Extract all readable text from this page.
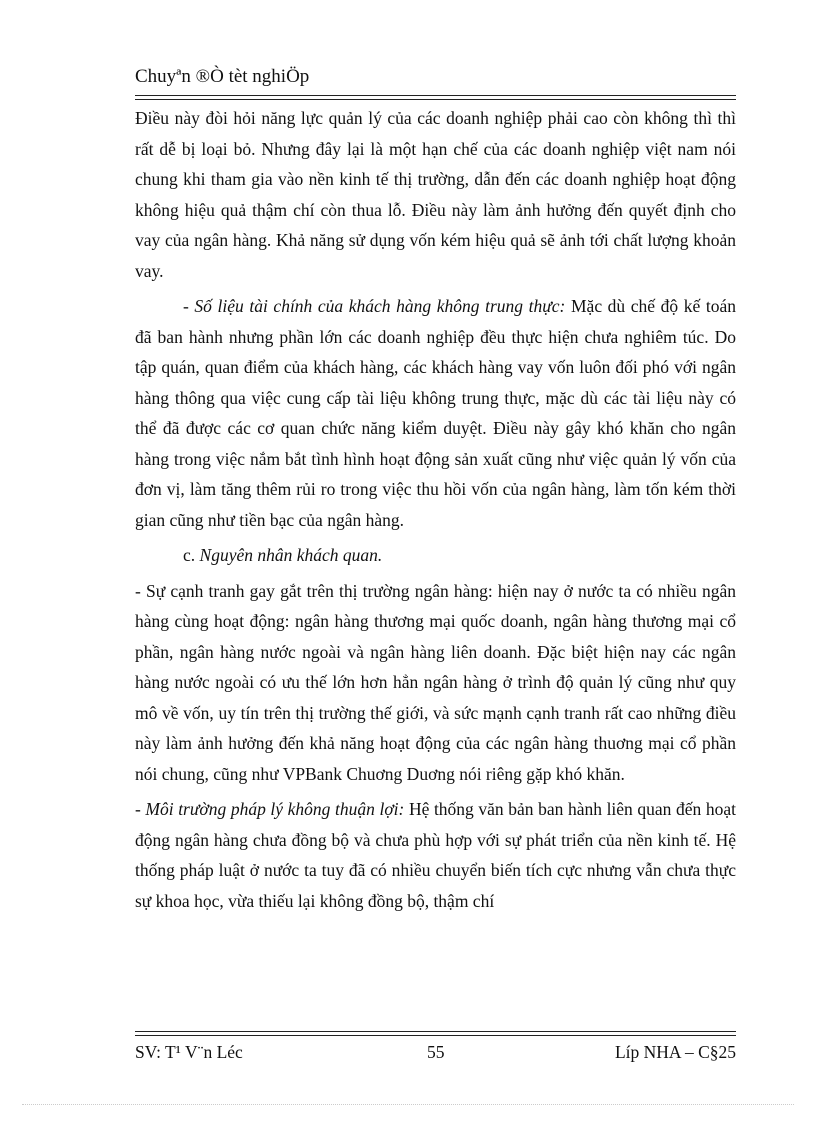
Chuyªn ®Ò tèt nghiÖp

Điều này đòi hỏi năng lực quản lý của các doanh nghiệp phải cao còn không thì thì rất dễ bị loại bỏ. Nhưng đây lại là một hạn chế của các doanh nghiệp việt nam nói chung khi tham gia vào nền kinh tế thị trường, dẫn đến các doanh nghiệp hoạt động không hiệu quả thậm chí còn thua lỗ. Điều này làm ảnh hưởng đến quyết định cho vay của ngân hàng. Khả năng sử dụng vốn kém hiệu quả sẽ ảnh tới chất lượng khoản vay.

- Số liệu tài chính của khách hàng không trung thực: Mặc dù chế độ kế toán đã ban hành nhưng phần lớn các doanh nghiệp đều thực hiện chưa nghiêm túc. Do tập quán, quan điểm của khách hàng, các khách hàng vay vốn luôn đối phó với ngân hàng thông qua việc cung cấp tài liệu không trung thực, mặc dù các tài liệu này có thể đã được các cơ quan chức năng kiểm duyệt. Điều này gây khó khăn cho ngân hàng trong việc nắm bắt tình hình hoạt động sản xuất cũng như việc quản lý vốn của đơn vị, làm tăng thêm rủi ro trong việc thu hồi vốn của ngân hàng, làm tốn kém thời gian cũng như tiền bạc của ngân hàng.

c. Nguyên nhân khách quan.

- Sự cạnh tranh gay gắt trên thị trường ngân hàng: hiện nay ở nước ta có nhiều ngân hàng cùng hoạt động: ngân hàng thương mại quốc doanh, ngân hàng thương mại cổ phần, ngân hàng nước ngoài và ngân hàng liên doanh. Đặc biệt hiện nay các ngân hàng nước ngoài có ưu thế lớn hơn hẳn ngân hàng ở trình độ quản lý cũng như quy mô về vốn, uy tín trên thị trường thế giới, và sức mạnh cạnh tranh rất cao những điều này làm ảnh hưởng đến khả năng hoạt động của các ngân hàng thuơng mại cổ phần nói chung, cũng như VPBank Chuơng Duơng nói riêng gặp khó khăn.

- Môi trường pháp lý không thuận lợi: Hệ thống văn bản ban hành liên quan đến hoạt động ngân hàng chưa đồng bộ và chưa phù hợp với sự phát triển của nền kinh tế. Hệ thống pháp luật ở nước ta tuy đã có nhiều chuyển biến tích cực nhưng vẫn chưa thực sự khoa học, vừa thiếu lại không đồng bộ, thậm chí

SV: T¹ V¨n Léc	55	Líp NHA – C§25
